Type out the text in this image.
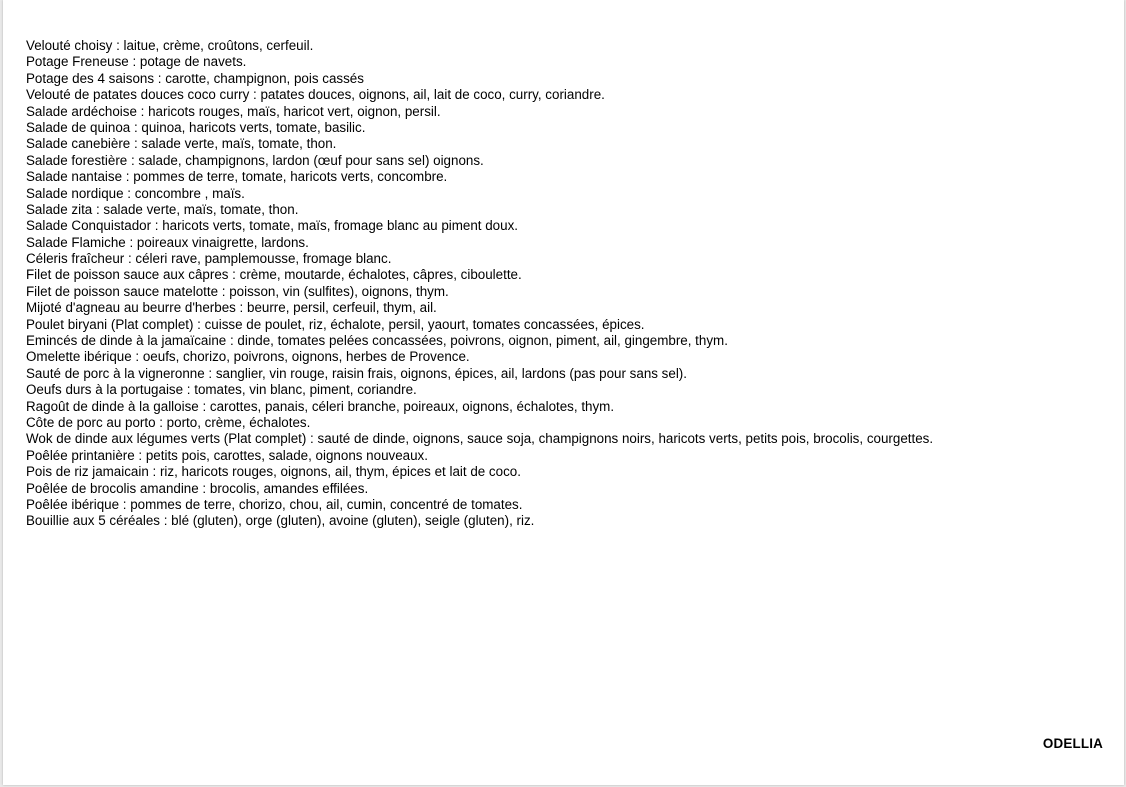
Velouté choisy : laitue, crème, croûtons, cerfeuil.
Potage Freneuse : potage de navets.
Potage des 4 saisons : carotte, champignon, pois cassés
Velouté de patates douces coco curry : patates douces, oignons, ail, lait de coco, curry, coriandre.
Salade ardéchoise : haricots rouges, maïs, haricot vert, oignon, persil.
Salade de quinoa : quinoa, haricots verts, tomate, basilic.
Salade canebière : salade verte, maïs, tomate, thon.
Salade forestière : salade, champignons, lardon (œuf pour sans sel) oignons.
Salade nantaise : pommes de terre, tomate, haricots verts, concombre.
Salade nordique : concombre , maïs.
Salade zita : salade verte, maïs, tomate, thon.
Salade Conquistador : haricots verts, tomate, maïs, fromage blanc au piment doux.
Salade Flamiche : poireaux vinaigrette, lardons.
Céleris fraîcheur : céleri rave, pamplemousse, fromage blanc.
Filet de poisson sauce aux câpres : crème, moutarde, échalotes, câpres, ciboulette.
Filet de poisson sauce matelotte : poisson, vin (sulfites), oignons, thym.
Mijoté d'agneau au beurre d'herbes : beurre, persil, cerfeuil, thym, ail.
Poulet biryani (Plat complet) : cuisse de poulet, riz, échalote, persil, yaourt, tomates concassées, épices.
Emincés de dinde à la jamaïcaine : dinde, tomates pelées concassées, poivrons, oignon, piment, ail, gingembre, thym.
Omelette ibérique : oeufs, chorizo, poivrons, oignons, herbes de Provence.
Sauté de porc à la vigneronne : sanglier, vin rouge, raisin frais, oignons, épices, ail, lardons (pas pour sans sel).
Oeufs durs à la portugaise : tomates, vin blanc, piment, coriandre.
Ragoût de dinde à la galloise : carottes, panais, céleri branche, poireaux, oignons, échalotes, thym.
Côte de porc au porto : porto, crème, échalotes.
Wok de dinde aux légumes verts (Plat complet) : sauté de dinde, oignons, sauce soja, champignons noirs, haricots verts, petits pois, brocolis, courgettes.
Poêlée printanière : petits pois, carottes, salade, oignons nouveaux.
Pois de riz jamaicain : riz, haricots rouges, oignons, ail, thym, épices et lait de coco.
Poêlée de brocolis amandine : brocolis, amandes effilées.
Poêlée ibérique : pommes de terre, chorizo, chou, ail, cumin, concentré de tomates.
Bouillie aux 5 céréales : blé (gluten), orge (gluten), avoine (gluten), seigle (gluten), riz.
ODELLIA
